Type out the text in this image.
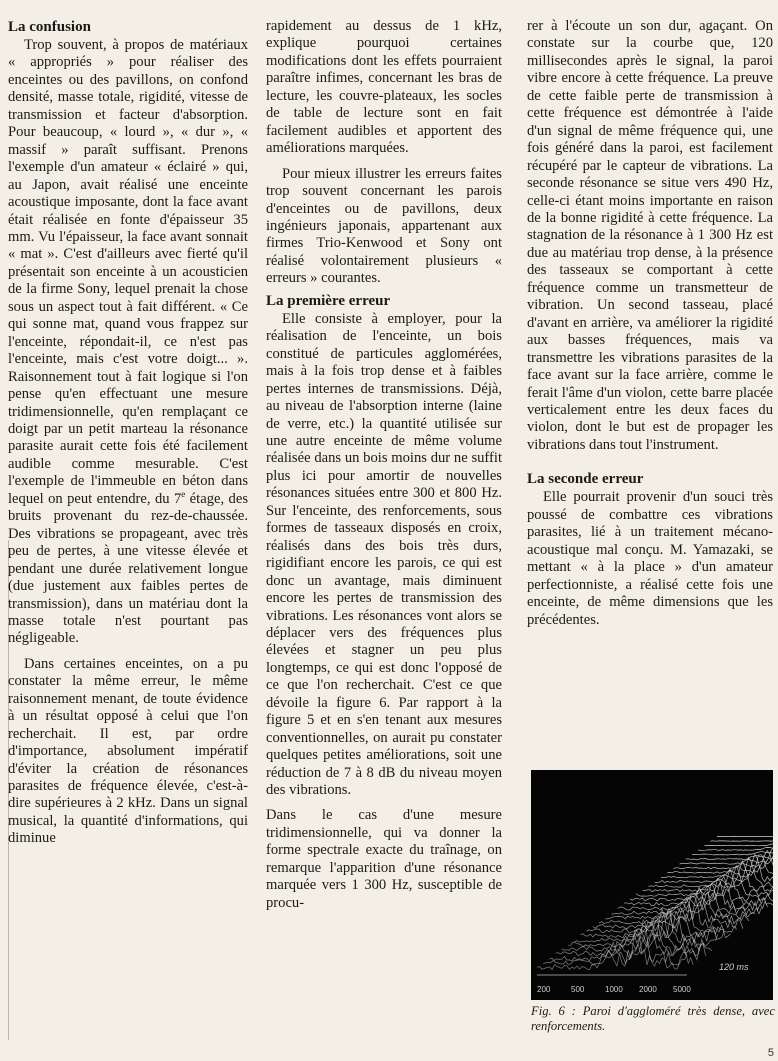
La confusion

Trop souvent, à propos de matériaux « appropriés » pour réaliser des enceintes ou des pavillons, on confond densité, masse totale, rigidité, vitesse de transmission et facteur d'absorption. Pour beaucoup, « lourd », « dur », « massif » paraît suffisant. Prenons l'exemple d'un amateur « éclairé » qui, au Japon, avait réalisé une enceinte acoustique imposante, dont la face avant était réalisée en fonte d'épaisseur 35 mm. Vu l'épaisseur, la face avant sonnait « mat ». C'est d'ailleurs avec fierté qu'il présentait son enceinte à un acousticien de la firme Sony, lequel prenait la chose sous un aspect tout à fait différent. « Ce qui sonne mat, quand vous frappez sur l'enceinte, répondait-il, ce n'est pas l'enceinte, mais c'est votre doigt... ». Raisonnement tout à fait logique si l'on pense qu'en effectuant une mesure tridimensionnelle, qu'en remplaçant ce doigt par un petit marteau la résonance parasite aurait cette fois été facilement audible comme mesurable. C'est l'exemple de l'immeuble en béton dans lequel on peut entendre, du 7e étage, des bruits provenant du rez-de-chaussée. Des vibrations se propageant, avec très peu de pertes, à une vitesse élevée et pendant une durée relativement longue (due justement aux faibles pertes de transmission), dans un matériau dont la masse totale n'est pourtant pas négligeable.

Dans certaines enceintes, on a pu constater la même erreur, le même raisonnement menant, de toute évidence à un résultat opposé à celui que l'on recherchait. Il est, par ordre d'importance, absolument impératif d'éviter la création de résonances parasites de fréquence élevée, c'est-à-dire supérieures à 2 kHz. Dans un signal musical, la quantité d'informations, qui diminue

rapidement au dessus de 1 kHz, explique pourquoi certaines modifications dont les effets pourraient paraître infimes, concernant les bras de lecture, les couvre-plateaux, les socles de table de lecture sont en fait facilement audibles et apportent des améliorations marquées.

Pour mieux illustrer les erreurs faites trop souvent concernant les parois d'enceintes ou de pavillons, deux ingénieurs japonais, appartenant aux firmes Trio-Kenwood et Sony ont réalisé volontairement plusieurs « erreurs » courantes.

La première erreur

Elle consiste à employer, pour la réalisation de l'enceinte, un bois constitué de particules agglomérées, mais à la fois trop dense et à faibles pertes internes de transmissions. Déjà, au niveau de l'absorption interne (laine de verre, etc.) la quantité utilisée sur une autre enceinte de même volume réalisée dans un bois moins dur ne suffit plus ici pour amortir de nouvelles résonances situées entre 300 et 800 Hz. Sur l'enceinte, des renforcements, sous formes de tasseaux disposés en croix, réalisés dans des bois très durs, rigidifiant encore les parois, ce qui est donc un avantage, mais diminuent encore les pertes de transmission des vibrations. Les résonances vont alors se déplacer vers des fréquences plus élevées et stagner un peu plus longtemps, ce qui est donc l'opposé de ce que l'on recherchait. C'est ce que dévoile la figure 6. Par rapport à la figure 5 et en s'en tenant aux mesures conventionnelles, on aurait pu constater quelques petites améliorations, soit une réduction de 7 à 8 dB du niveau moyen des vibrations.

Dans le cas d'une mesure tridimensionnelle, qui va donner la forme spectrale exacte du traînage, on remarque l'apparition d'une résonance marquée vers 1 300 Hz, susceptible de procu-

rer à l'écoute un son dur, agaçant. On constate sur la courbe que, 120 millisecondes après le signal, la paroi vibre encore à cette fréquence. La preuve de cette faible perte de transmission à cette fréquence est démontrée à l'aide d'un signal de même fréquence qui, une fois généré dans la paroi, est facilement récupéré par le capteur de vibrations. La seconde résonance se situe vers 490 Hz, celle-ci étant moins importante en raison de la bonne rigidité à cette fréquence. La stagnation de la résonance à 1 300 Hz est due au matériau trop dense, à la présence des tasseaux se comportant à cette fréquence comme un transmetteur de vibration. Un second tasseau, placé d'avant en arrière, va améliorer la rigidité aux basses fréquences, mais va transmettre les vibrations parasites de la face avant sur la face arrière, comme le ferait l'âme d'un violon, cette barre placée verticalement entre les deux faces du violon, dont le but est de propager les vibrations dans tout l'instrument.

La seconde erreur

Elle pourrait provenir d'un souci très poussé de combattre ces vibrations parasites, lié à un traitement mécano-acoustique mal conçu. M. Yamazaki, se mettant « à la place » d'un amateur perfectionniste, a réalisé cette fois une enceinte, de même dimensions que les précédentes.

120 ms
200	500	1000 2000 5000
Fig. 6 : Paroi d'aggloméré très dense, avec renforcements.
5
